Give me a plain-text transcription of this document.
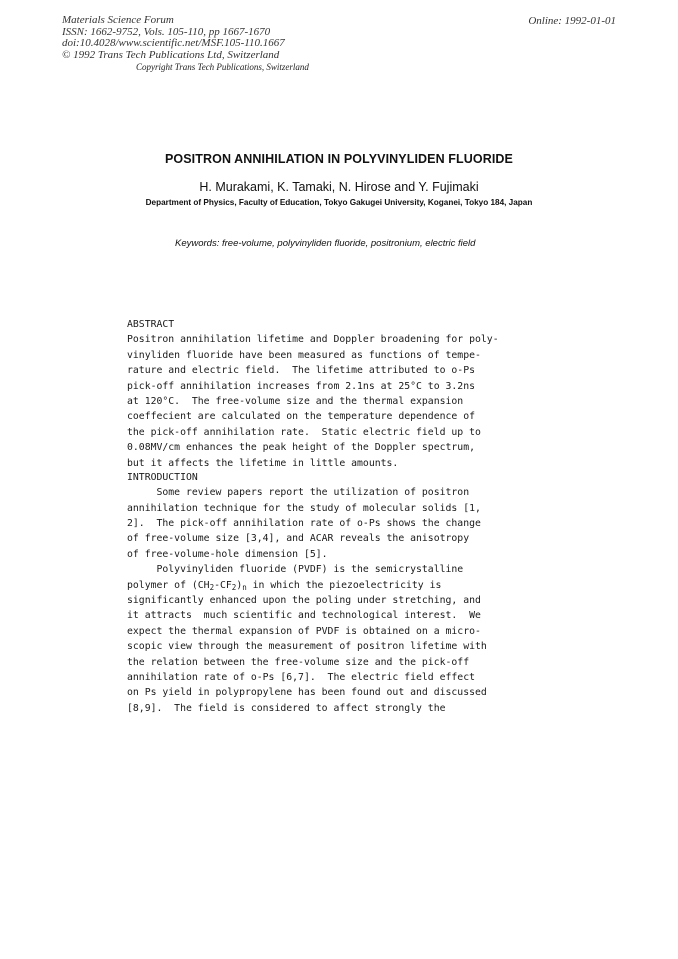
Materials Science Forum
ISSN: 1662-9752, Vols. 105-110, pp 1667-1670
doi:10.4028/www.scientific.net/MSF.105-110.1667
© 1992 Trans Tech Publications Ltd, Switzerland
Online: 1992-01-01
Copyright Trans Tech Publications, Switzerland
POSITRON ANNIHILATION IN POLYVINYLIDEN FLUORIDE
H. Murakami, K. Tamaki, N. Hirose and Y. Fujimaki
Department of Physics, Faculty of Education, Tokyo Gakugei University, Koganei, Tokyo 184, Japan
Keywords: free-volume, polyvinyliden fluoride, positronium, electric field
ABSTRACT
Positron annihilation lifetime and Doppler broadening for poly-
vinyliden fluoride have been measured as functions of tempe-
rature and electric field.  The lifetime attributed to o-Ps
pick-off annihilation increases from 2.1ns at 25°C to 3.2ns
at 120°C.  The free-volume size and the thermal expansion
coeffecient are calculated on the temperature dependence of
the pick-off annihilation rate.  Static electric field up to
0.08MV/cm enhances the peak height of the Doppler spectrum,
but it affects the lifetime in little amounts.
INTRODUCTION
Some review papers report the utilization of positron
annihilation technique for the study of molecular solids [1,
2].  The pick-off annihilation rate of o-Ps shows the change
of free-volume size [3,4], and ACAR reveals the anisotropy
of free-volume-hole dimension [5].
Polyvinyliden fluoride (PVDF) is the semicrystalline
polymer of $(CH_2-CF_2)_n$ in which the piezoelectricity is
significantly enhanced upon the poling under stretching, and
it attracts  much scientific and technological interest.  We
expect the thermal expansion of PVDF is obtained on a micro-
scopic view through the measurement of positron lifetime with
the relation between the free-volume size and the pick-off
annihilation rate of o-Ps [6,7].  The electric field effect
on Ps yield in polypropylene has been found out and discussed
[8,9].  The field is considered to affect strongly the
